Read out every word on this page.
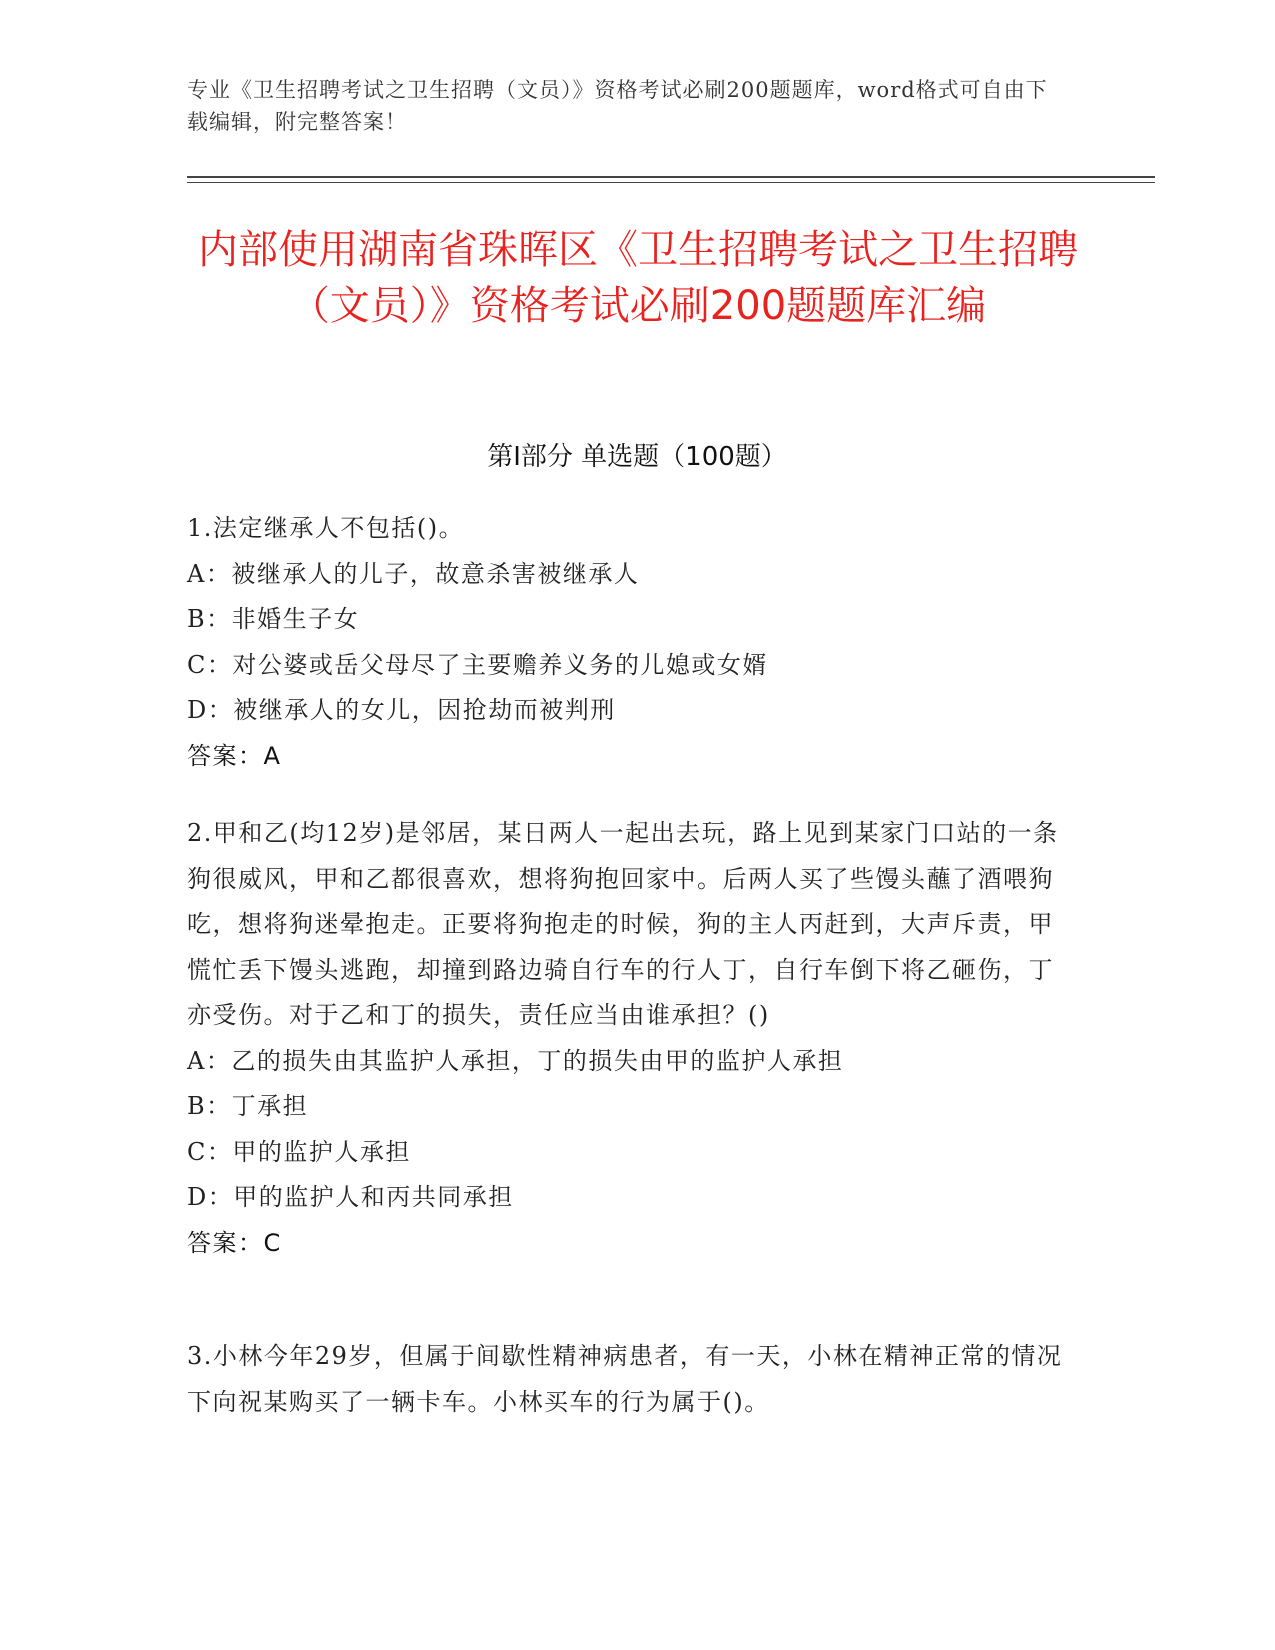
专业《卫生招聘考试之卫生招聘（文员）》资格考试必刷200题题库，word格式可自由下载编辑，附完整答案！
内部使用湖南省珠晖区《卫生招聘考试之卫生招聘（文员）》资格考试必刷200题题库汇编
第Ⅰ部分 单选题（100题）

1.法定继承人不包括()。

A：被继承人的儿子，故意杀害被继承人

B：非婚生子女

C：对公婆或岳父母尽了主要赡养义务的儿媳或女婿

D：被继承人的女儿，因抢劫而被判刑

答案：A

2.甲和乙(均12岁)是邻居，某日两人一起出去玩，路上见到某家门口站的一条狗很威风，甲和乙都很喜欢，想将狗抱回家中。后两人买了些馒头蘸了酒喂狗吃，想将狗迷晕抱走。正要将狗抱走的时候，狗的主人丙赶到，大声斥责，甲慌忙丢下馒头逃跑，却撞到路边骑自行车的行人丁，自行车倒下将乙砸伤，丁亦受伤。对于乙和丁的损失，责任应当由谁承担？()

A：乙的损失由其监护人承担，丁的损失由甲的监护人承担

B：丁承担

C：甲的监护人承担

D：甲的监护人和丙共同承担

答案：C

3.小林今年29岁，但属于间歇性精神病患者，有一天，小林在精神正常的情况下向祝某购买了一辆卡车。小林买车的行为属于()。
